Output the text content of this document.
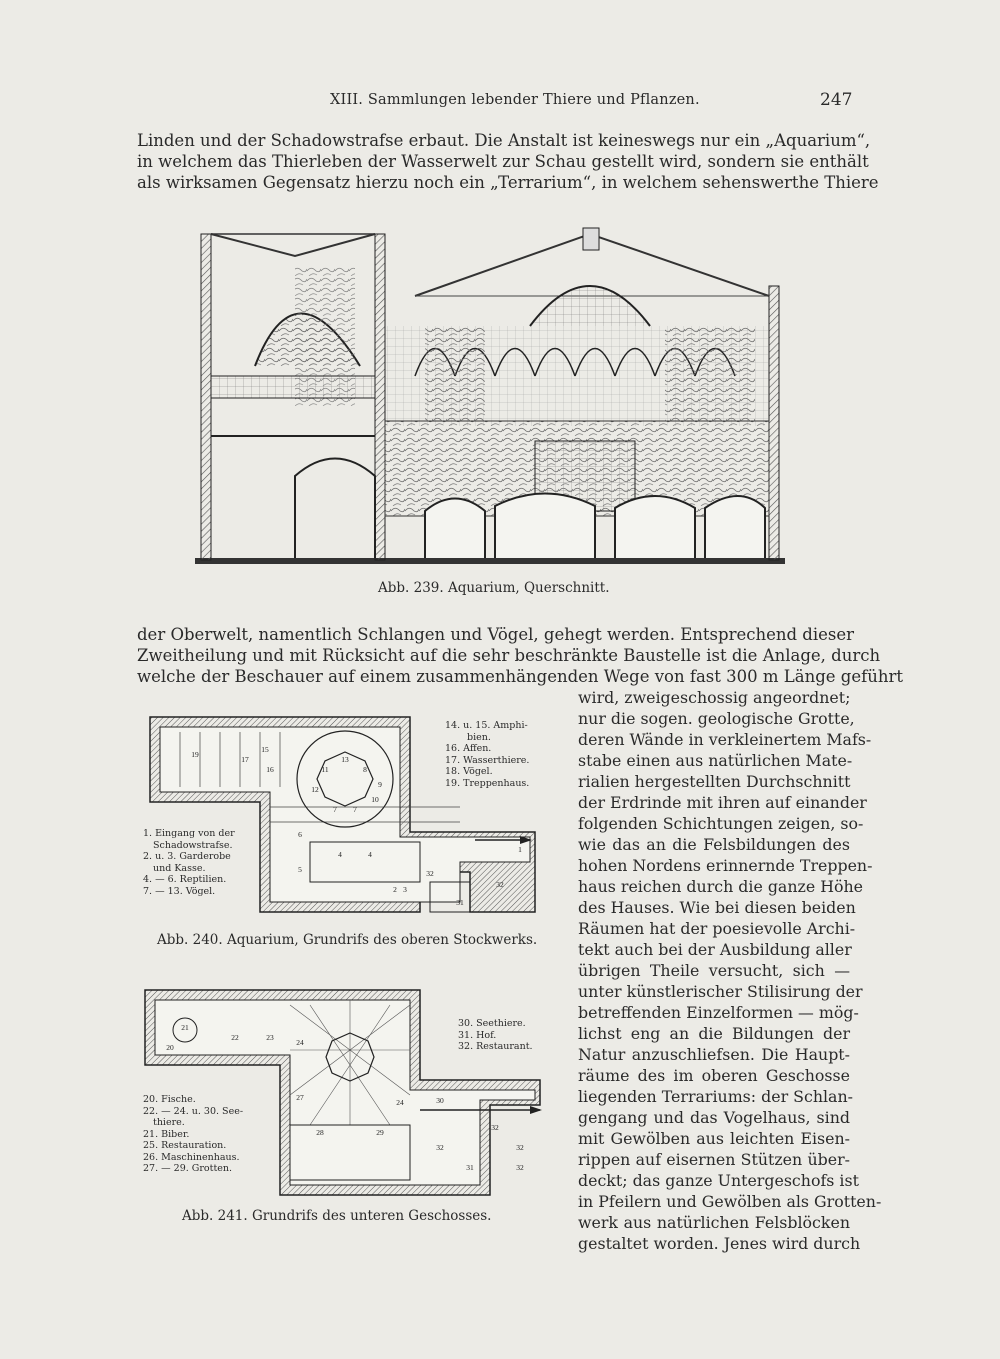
XIII. Sammlungen lebender Thiere und Pflanzen.	247
Linden und der Schadowstrafse erbaut. Die Anstalt ist keineswegs nur ein „Aquarium“,
in welchem das Thierleben der Wasserwelt zur Schau gestellt wird, sondern sie enthält
als wirksamen Gegensatz hierzu noch ein „Terrarium“, in welchem sehenswerthe Thiere
Abb. 239. Aquarium, Querschnitt.
der Oberwelt, namentlich Schlangen und Vögel, gehegt werden. Entsprechend dieser
Zweitheilung und mit Rücksicht auf die sehr beschränkte Baustelle ist die Anlage, durch
welche der Beschauer auf einem zusammenhängenden Wege von fast 300 m Länge geführt
1
4	4
5
6
7 7
8
9
10
11
12
13
15
16
17
19
3
2
31
32
32
14. u. 15. Amphi-
bien.
16. Affen.
17. Wasserthiere.
18. Vögel.
19. Treppenhaus.
1. Eingang von der
Schadowstrafse.
2. u. 3. Garderobe
und Kasse.
4. — 6. Reptilien.
7. — 13. Vögel.
Abb. 240. Aquarium, Grundrifs des oberen Stockwerks.
20
21
22	23
24
24
27
28	29
30
31
32
32
32
32
30. Seethiere.
31. Hof.
32. Restaurant.
20. Fische.
22. — 24. u. 30. See-
thiere.
21. Biber.
25. Restauration.
26. Maschinenhaus.
27. — 29. Grotten.
Abb. 241. Grundrifs des unteren Geschosses.
wird, zweigeschossig angeordnet;
nur die sogen. geologische Grotte,
deren Wände in verkleinertem Mafs-
stabe einen aus natürlichen Mate-
rialien hergestellten Durchschnitt
der Erdrinde mit ihren auf einander
folgenden Schichtungen zeigen, so-
wie das an die Felsbildungen des
hohen Nordens erinnernde Treppen-
haus reichen durch die ganze Höhe
des Hauses. Wie bei diesen beiden
Räumen hat der poesievolle Archi-
tekt auch bei der Ausbildung aller
übrigen Theile versucht, sich —
unter künstlerischer Stilisirung der
betreffenden Einzelformen — mög-
lichst eng an die Bildungen der
Natur anzuschliefsen. Die Haupt-
räume des im oberen Geschosse
liegenden Terrariums: der Schlan-
gengang und das Vogelhaus, sind
mit Gewölben aus leichten Eisen-
rippen auf eisernen Stützen über-
deckt; das ganze Untergeschofs ist
in Pfeilern und Gewölben als Grotten-
werk aus natürlichen Felsblöcken
gestaltet worden. Jenes wird durch
